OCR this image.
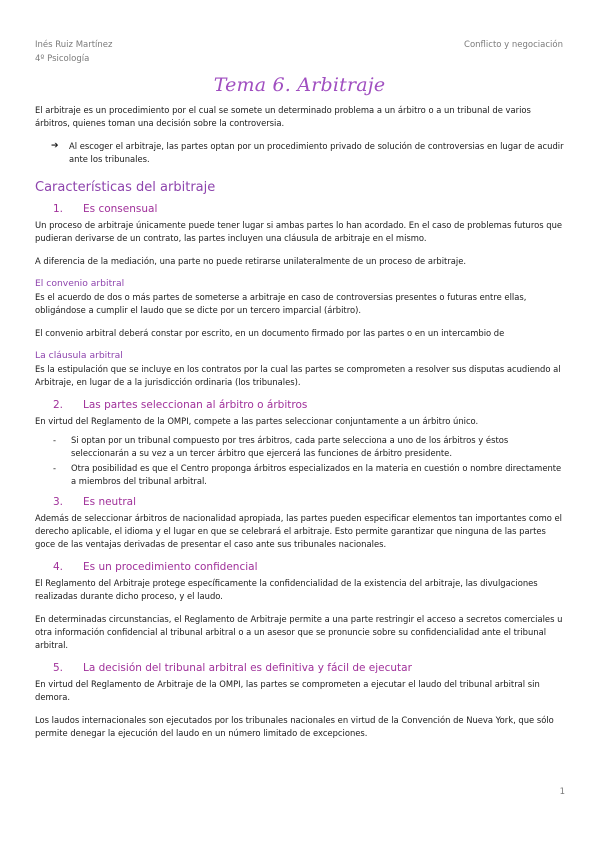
Inés Ruiz Martínez
4º Psicología
Conflicto y negociación
Tema 6. Arbitraje

El arbitraje es un procedimiento por el cual se somete un determinado problema a un árbitro o a un tribunal de varios árbitros, quienes toman una decisión sobre la controversia.

➔	Al escoger el arbitraje, las partes optan por un procedimiento privado de solución de controversias en lugar de acudir ante los tribunales.
Características del arbitraje
1.	Es consensual

Un proceso de arbitraje únicamente puede tener lugar si ambas partes lo han acordado. En el caso de problemas futuros que pudieran derivarse de un contrato, las partes incluyen una cláusula de arbitraje en el mismo.

A diferencia de la mediación, una parte no puede retirarse unilateralmente de un proceso de arbitraje.

El convenio arbitral

Es el acuerdo de dos o más partes de someterse a arbitraje en caso de controversias presentes o futuras entre ellas, obligándose a cumplir el laudo que se dicte por un tercero imparcial (árbitro).

El convenio arbitral deberá constar por escrito, en un documento firmado por las partes o en un intercambio de

La cláusula arbitral

Es la estipulación que se incluye en los contratos por la cual las partes se comprometen a resolver sus disputas acudiendo al Arbitraje, en lugar de a la jurisdicción ordinaria (los tribunales).

2.	Las partes seleccionan al árbitro o árbitros

En virtud del Reglamento de la OMPI, compete a las partes seleccionar conjuntamente a un árbitro único.

-	Si optan por un tribunal compuesto por tres árbitros, cada parte selecciona a uno de los árbitros y éstos seleccionarán a su vez a un tercer árbitro que ejercerá las funciones de árbitro presidente.
-	Otra posibilidad es que el Centro proponga árbitros especializados en la materia en cuestión o nombre directamente a miembros del tribunal arbitral.
3.	Es neutral

Además de seleccionar árbitros de nacionalidad apropiada, las partes pueden especificar elementos tan importantes como el derecho aplicable, el idioma y el lugar en que se celebrará el arbitraje. Esto permite garantizar que ninguna de las partes goce de las ventajas derivadas de presentar el caso ante sus tribunales nacionales.

4.	Es un procedimiento confidencial

El Reglamento del Arbitraje protege específicamente la confidencialidad de la existencia del arbitraje, las divulgaciones realizadas durante dicho proceso, y el laudo.

En determinadas circunstancias, el Reglamento de Arbitraje permite a una parte restringir el acceso a secretos comerciales u otra información confidencial al tribunal arbitral o a un asesor que se pronuncie sobre su confidencialidad ante el tribunal arbitral.

5.	La decisión del tribunal arbitral es definitiva y fácil de ejecutar

En virtud del Reglamento de Arbitraje de la OMPI, las partes se comprometen a ejecutar el laudo del tribunal arbitral sin demora.

Los laudos internacionales son ejecutados por los tribunales nacionales en virtud de la Convención de Nueva York, que sólo permite denegar la ejecución del laudo en un número limitado de excepciones.

1
